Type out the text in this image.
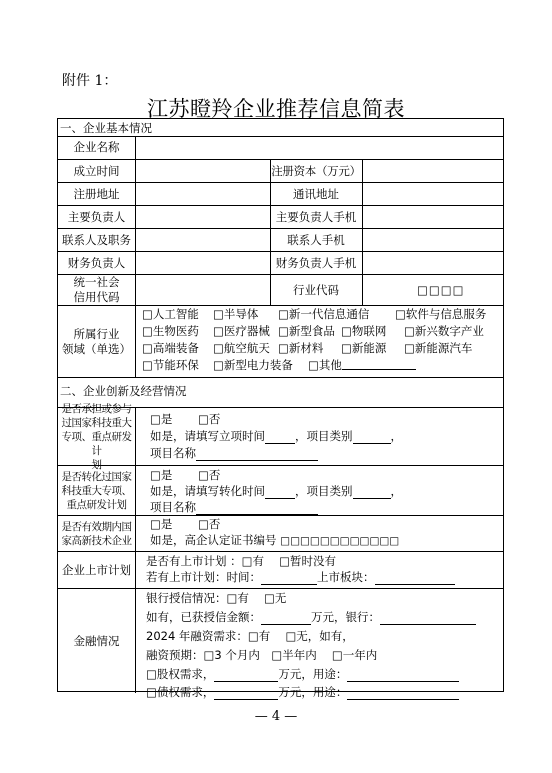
附件 1：
江苏瞪羚企业推荐信息简表
一、企业基本情况
企业名称
成立时间	注册资本（万元）
注册地址	通讯地址
主要负责人	主要负责人手机
联系人及职务	联系人手机
财务负责人	财务负责人手机
统一社会
信用代码	行业代码	□□□□
所属行业
领域（单选）
□人工智能 □半导体 □新一代信息通信 □软件与信息服务
□生物医药 □医疗器械 □新型食品 □物联网 □新兴数字产业
□高端装备 □航空航天 □新材料 □新能源 □新能源汽车
□节能环保 □新型电力装备 □其他
二、企业创新及经营情况
是否承担或参与
过国家科技重大
专项、重点研发计
划
□是 □否
如是，请填写立项时间	，项目类别	，
项目名称
是否转化过国家
科技重大专项、
重点研发计划
□是 □否
如是，请填写转化时间	，项目类别	，
项目名称
是否有效期内国
家高新技术企业
□是 □否
如是，高企认定证书编号 □□□□□□□□□□□□
企业上市计划
是否有上市计划 ：□有　 □暂时没有
若有上市计划：时间：	上市板块：
金融情况
银行授信情况：□有　 □无
如有，已获授信金额：	万元，银行：
2024 年融资需求：□有　 □无，如有，
融资预期：□3 个月内　□半年内　 □一年内
□股权需求，	万元，用途：
□债权需求，	万元，用途：
— 4 —
